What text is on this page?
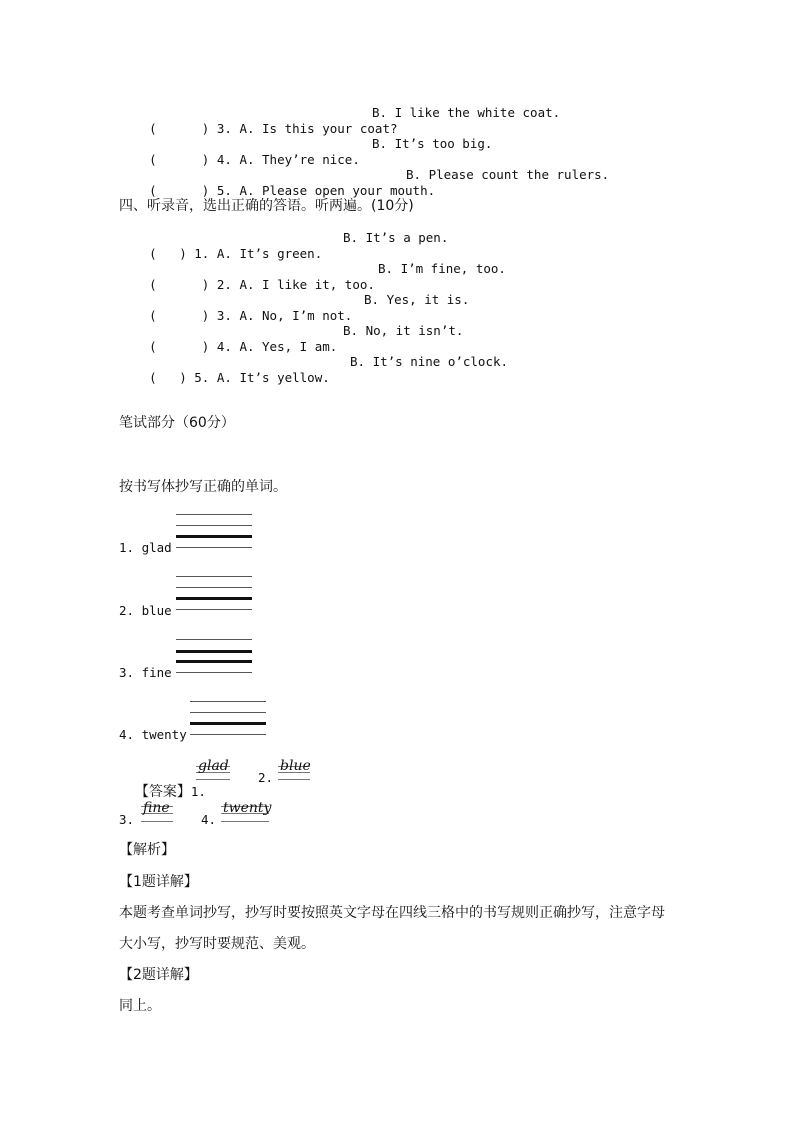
(      ) 3. A. Is this your coat?

B. I like the white coat.

(      ) 4. A. They’re nice.

B. It’s too big.

(      ) 5. A. Please open your mouth.

B. Please count the rulers.
四、听录音，选出正确的答语。听两遍。(10分)

(   ) 1. A. It’s green.

B. It’s a pen.

(      ) 2. A. I like it, too.

B. I’m fine, too.

(      ) 3. A. No, I’m not.

B. Yes, it is.

(      ) 4. A. Yes, I am.

B. No, it isn’t.

(   ) 5. A. It’s yellow.

B. It’s nine o’clock.
笔试部分（60分）
按书写体抄写正确的单词。
1. glad
2. blue
3. fine
4. twenty

【答案】1.

glad
2.
blue
3.
fine
4.
twenty
【解析】
【1题详解】
本题考查单词抄写，抄写时要按照英文字母在四线三格中的书写规则正确抄写，注意字母
大小写，抄写时要规范、美观。
【2题详解】
同上。
